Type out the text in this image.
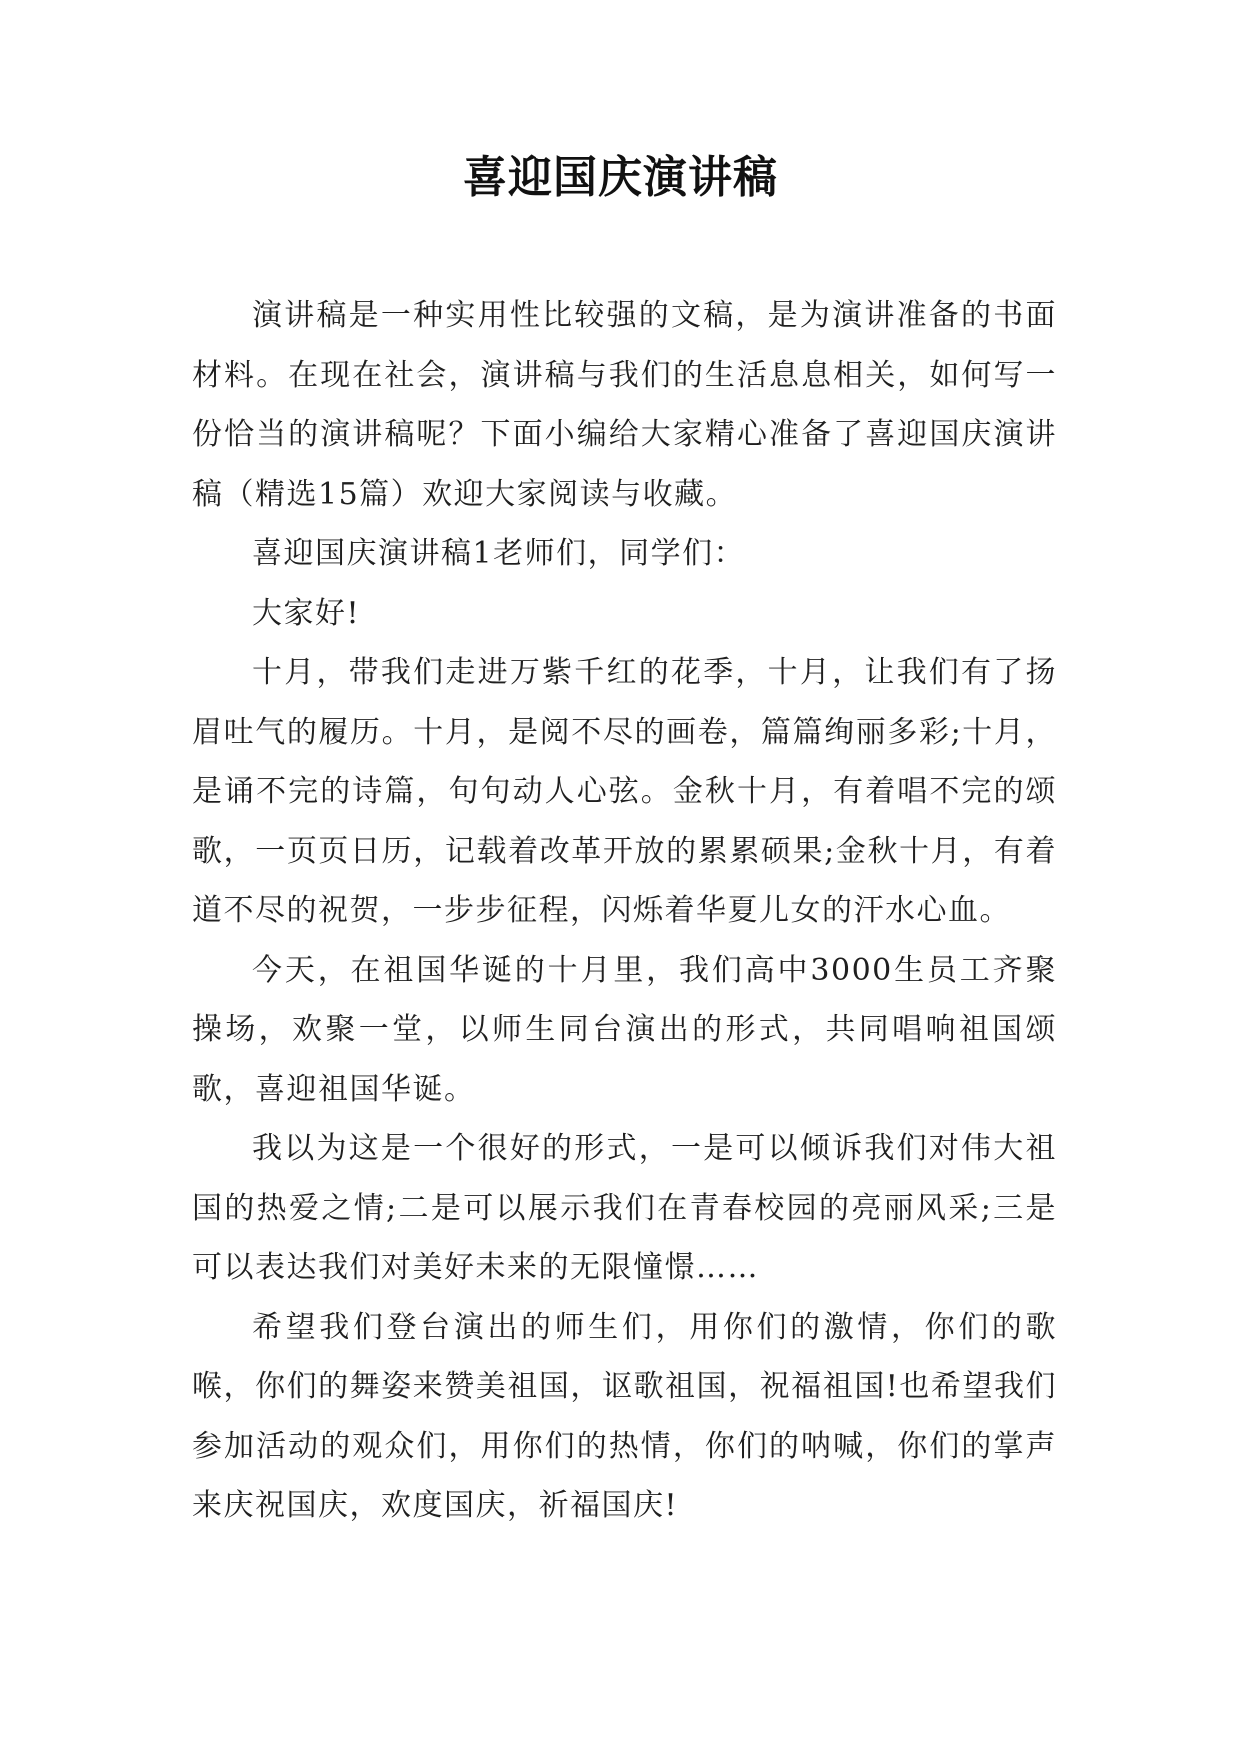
喜迎国庆演讲稿

演讲稿是一种实用性比较强的文稿，是为演讲准备的书面材料。在现在社会，演讲稿与我们的生活息息相关，如何写一份恰当的演讲稿呢？下面小编给大家精心准备了喜迎国庆演讲稿（精选15篇）欢迎大家阅读与收藏。

喜迎国庆演讲稿1老师们，同学们：

大家好!

十月，带我们走进万紫千红的花季，十月，让我们有了扬眉吐气的履历。十月，是阅不尽的画卷，篇篇绚丽多彩;十月，是诵不完的诗篇，句句动人心弦。金秋十月，有着唱不完的颂歌，一页页日历，记载着改革开放的累累硕果;金秋十月，有着道不尽的祝贺，一步步征程，闪烁着华夏儿女的汗水心血。

今天，在祖国华诞的十月里，我们高中3000生员工齐聚操场，欢聚一堂，以师生同台演出的形式，共同唱响祖国颂歌，喜迎祖国华诞。

我以为这是一个很好的形式，一是可以倾诉我们对伟大祖国的热爱之情;二是可以展示我们在青春校园的亮丽风采;三是可以表达我们对美好未来的无限憧憬……

希望我们登台演出的师生们，用你们的激情，你们的歌喉，你们的舞姿来赞美祖国，讴歌祖国，祝福祖国!也希望我们参加活动的观众们，用你们的热情，你们的呐喊，你们的掌声来庆祝国庆，欢度国庆，祈福国庆!
